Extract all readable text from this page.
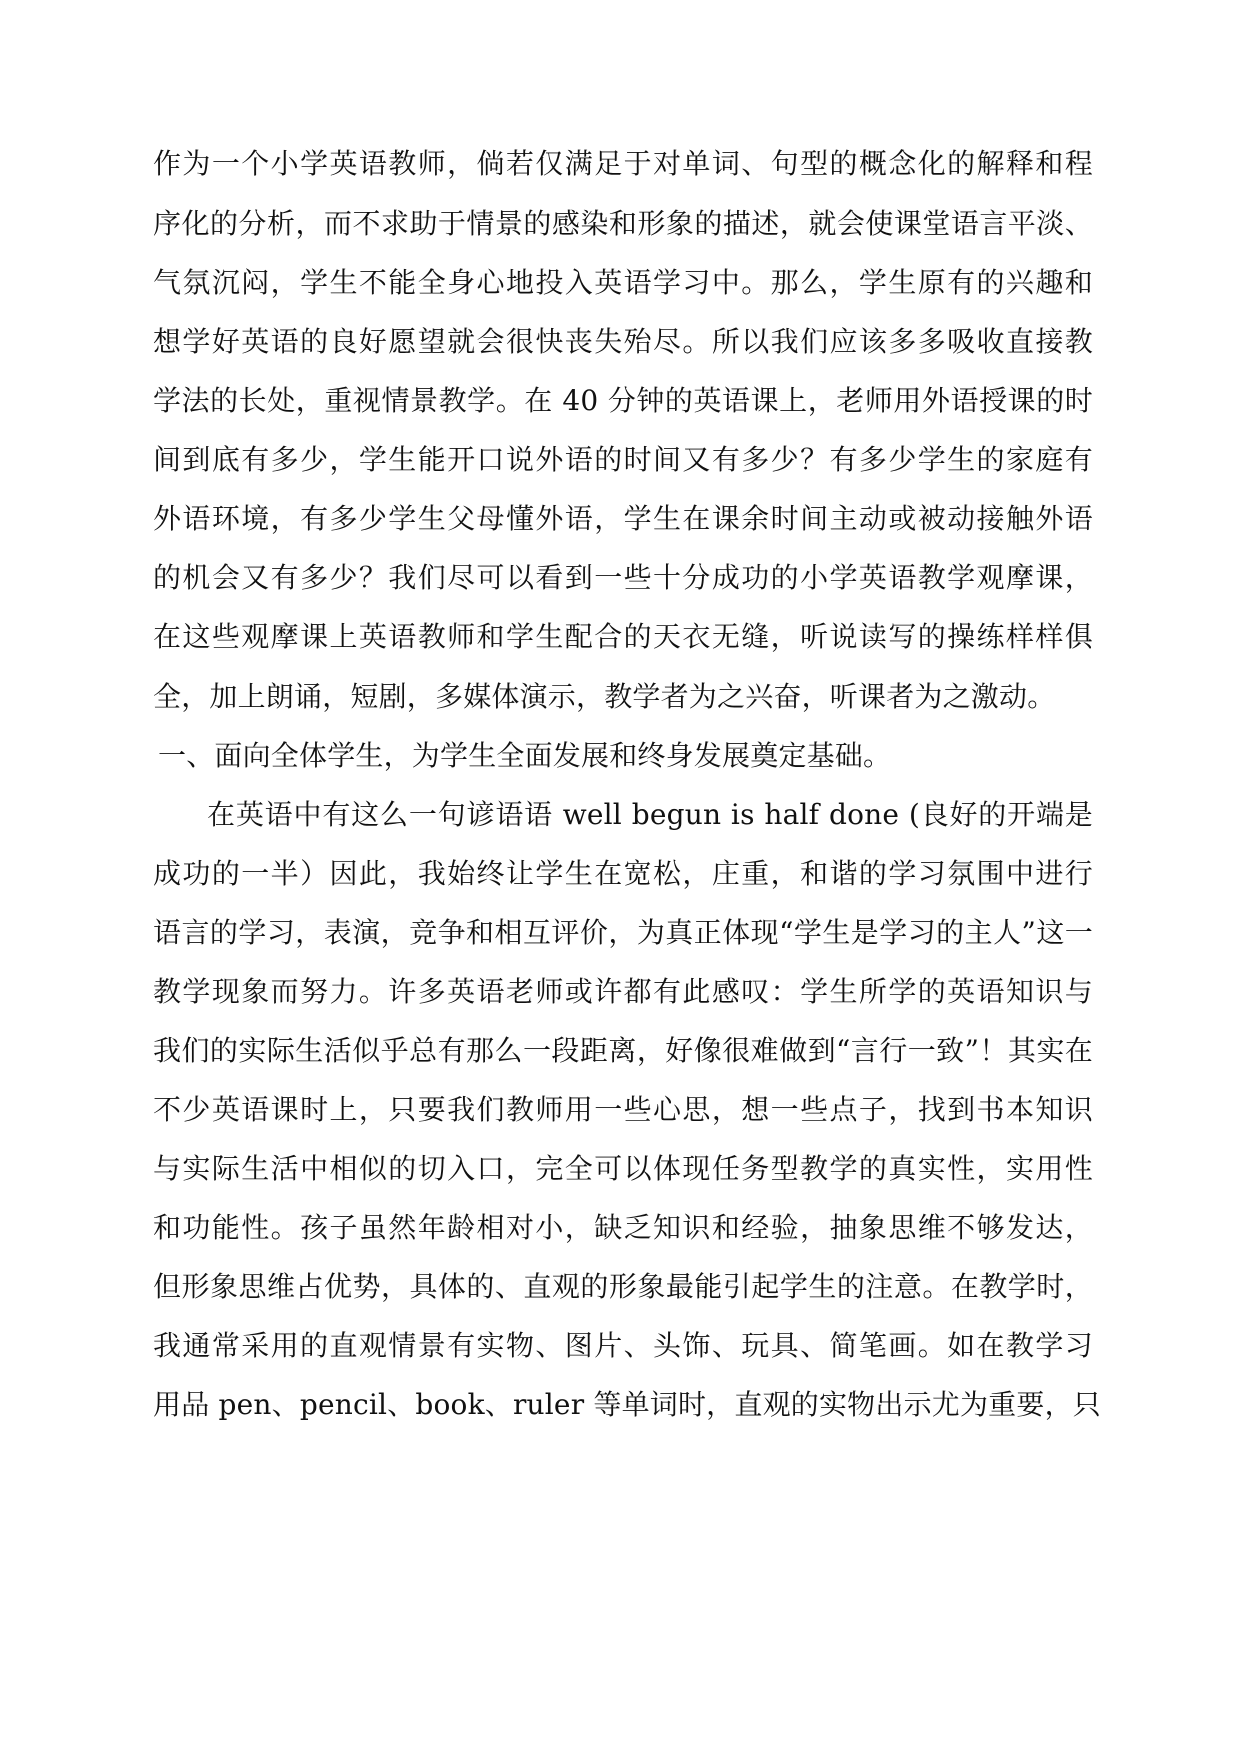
作为一个小学英语教师，倘若仅满足于对单词、句型的概念化的解释和程
序化的分析，而不求助于情景的感染和形象的描述，就会使课堂语言平淡、
气氛沉闷，学生不能全身心地投入英语学习中。那么，学生原有的兴趣和
想学好英语的良好愿望就会很快丧失殆尽。所以我们应该多多吸收直接教
学法的长处，重视情景教学。在 40 分钟的英语课上，老师用外语授课的时
间到底有多少，学生能开口说外语的时间又有多少？有多少学生的家庭有
外语环境，有多少学生父母懂外语，学生在课余时间主动或被动接触外语
的机会又有多少？我们尽可以看到一些十分成功的小学英语教学观摩课，
在这些观摩课上英语教师和学生配合的天衣无缝，听说读写的操练样样俱
全，加上朗诵，短剧，多媒体演示，教学者为之兴奋，听课者为之激动。
一、面向全体学生，为学生全面发展和终身发展奠定基础。
在英语中有这么一句谚语语 well begun is half done (良好的开端是
成功的一半）因此，我始终让学生在宽松，庄重，和谐的学习氛围中进行
语言的学习，表演，竞争和相互评价，为真正体现“学生是学习的主人”这一
教学现象而努力。许多英语老师或许都有此感叹：学生所学的英语知识与
我们的实际生活似乎总有那么一段距离，好像很难做到“言行一致”！其实在
不少英语课时上，只要我们教师用一些心思，想一些点子，找到书本知识
与实际生活中相似的切入口，完全可以体现任务型教学的真实性，实用性
和功能性。孩子虽然年龄相对小，缺乏知识和经验，抽象思维不够发达，
但形象思维占优势，具体的、直观的形象最能引起学生的注意。在教学时，
我通常采用的直观情景有实物、图片、头饰、玩具、简笔画。如在教学习
用品 pen、pencil、book、ruler 等单词时，直观的实物出示尤为重要，只
